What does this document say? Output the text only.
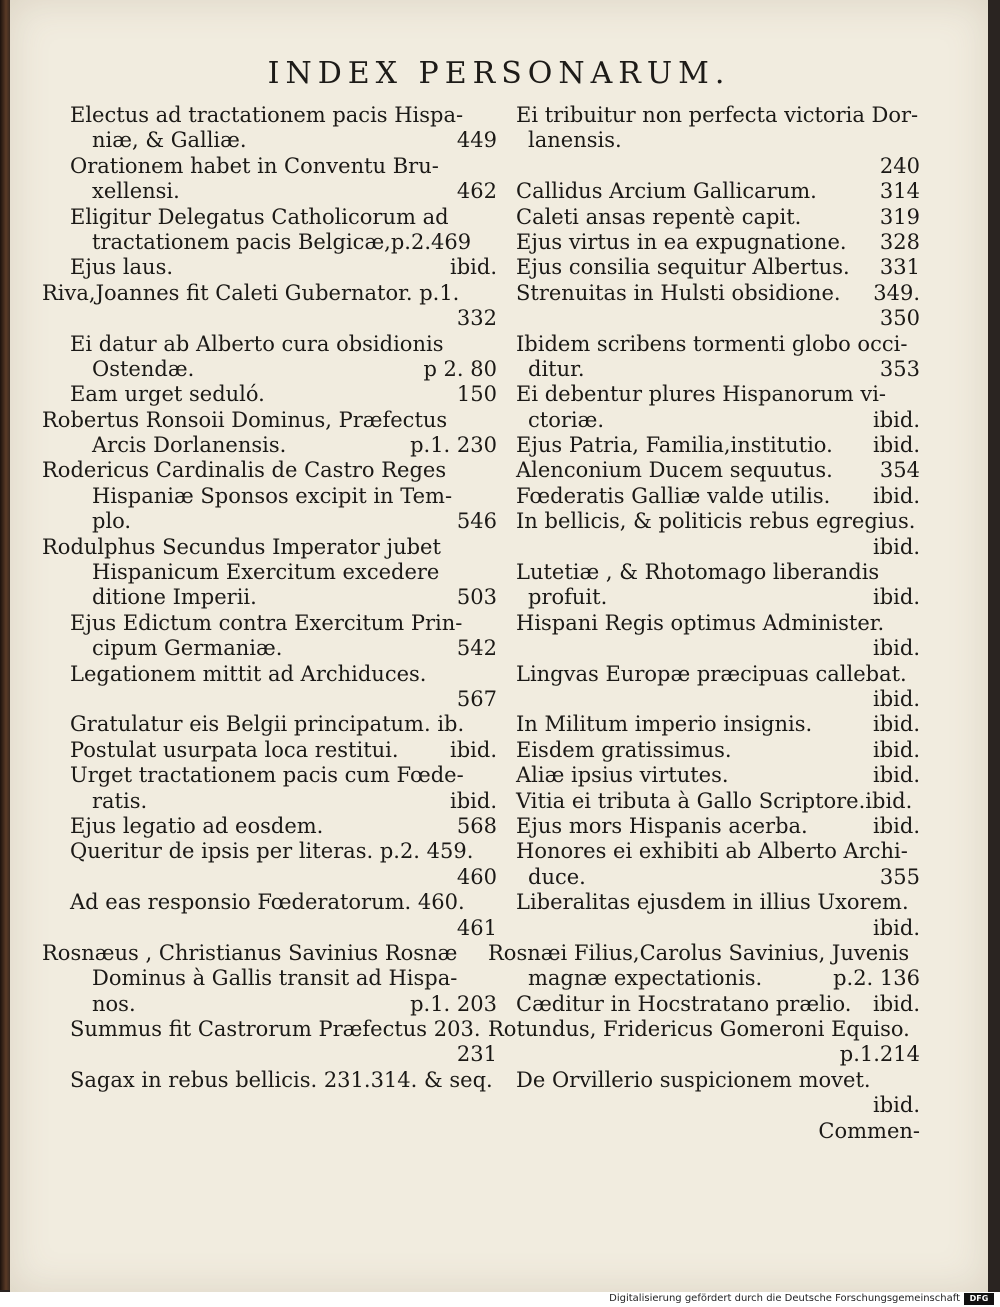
INDEX PERSONARUM.
Electus ad tractationem pacis Hispa-
niæ, & Galliæ.	449
Orationem habet in Conventu Bru-
xellensi.	462
Eligitur Delegatus Catholicorum ad
tractationem pacis Belgicæ,p.2.469
Ejus laus.	ibid.
Riva,Joannes fit Caleti Gubernator. p.1.
332
Ei datur ab Alberto cura obsidionis
Ostendæ.	p 2. 80
Eam urget seduló.	150
Robertus Ronsoii Dominus, Præfectus
Arcis Dorlanensis.	p.1. 230
Rodericus Cardinalis de Castro Reges
Hispaniæ Sponsos excipit in Tem-
plo.	546
Rodulphus Secundus Imperator jubet
Hispanicum Exercitum excedere
ditione Imperii.	503
Ejus Edictum contra Exercitum Prin-
cipum Germaniæ.	542
Legationem mittit ad Archiduces.
567
Gratulatur eis Belgii principatum. ib.
Postulat usurpata loca restitui. ibid.
Urget tractationem pacis cum Fœde-
ratis.	ibid.
Ejus legatio ad eosdem.	568
Queritur de ipsis per literas. p.2. 459.
460
Ad eas responsio Fœderatorum. 460.
461
Rosnæus , Christianus Savinius Rosnæ
Dominus à Gallis transit ad Hispa-
nos.	p.1. 203
Summus fit Castrorum Præfectus 203.
231
Sagax in rebus bellicis. 231.314. & seq.
Ei tribuitur non perfecta victoria Dor-
lanensis.
240
Callidus Arcium Gallicarum.	314
Caleti ansas repentè capit.	319
Ejus virtus in ea expugnatione. 328
Ejus consilia sequitur Albertus. 331
Strenuitas in Hulsti obsidione. 349.
350
Ibidem scribens tormenti globo occi-
ditur.	353
Ei debentur plures Hispanorum vi-
ctoriæ.	ibid.
Ejus Patria, Familia,institutio. ibid.
Alenconium Ducem sequutus. 354
Fœderatis Galliæ valde utilis. ibid.
In bellicis, & politicis rebus egregius.
ibid.
Lutetiæ , & Rhotomago liberandis
profuit.	ibid.
Hispani Regis optimus Administer.
ibid.
Lingvas Europæ præcipuas callebat.
ibid.
In Militum imperio insignis.	ibid.
Eisdem gratissimus.	ibid.
Aliæ ipsius virtutes.	ibid.
Vitia ei tributa à Gallo Scriptore.ibid.
Ejus mors Hispanis acerba.	ibid.
Honores ei exhibiti ab Alberto Archi-
duce.	355
Liberalitas ejusdem in illius Uxorem.
ibid.
Rosnæi Filius,Carolus Savinius, Juvenis
magnæ expectationis.	p.2. 136
Cæditur in Hocstratano prælio. ibid.
Rotundus, Fridericus Gomeroni Equiso.
p.1.214
De Orvillerio suspicionem movet.
ibid.
Commen-
Digitalisierung gefördert durch die Deutsche Forschungsgemeinschaft	DFG
